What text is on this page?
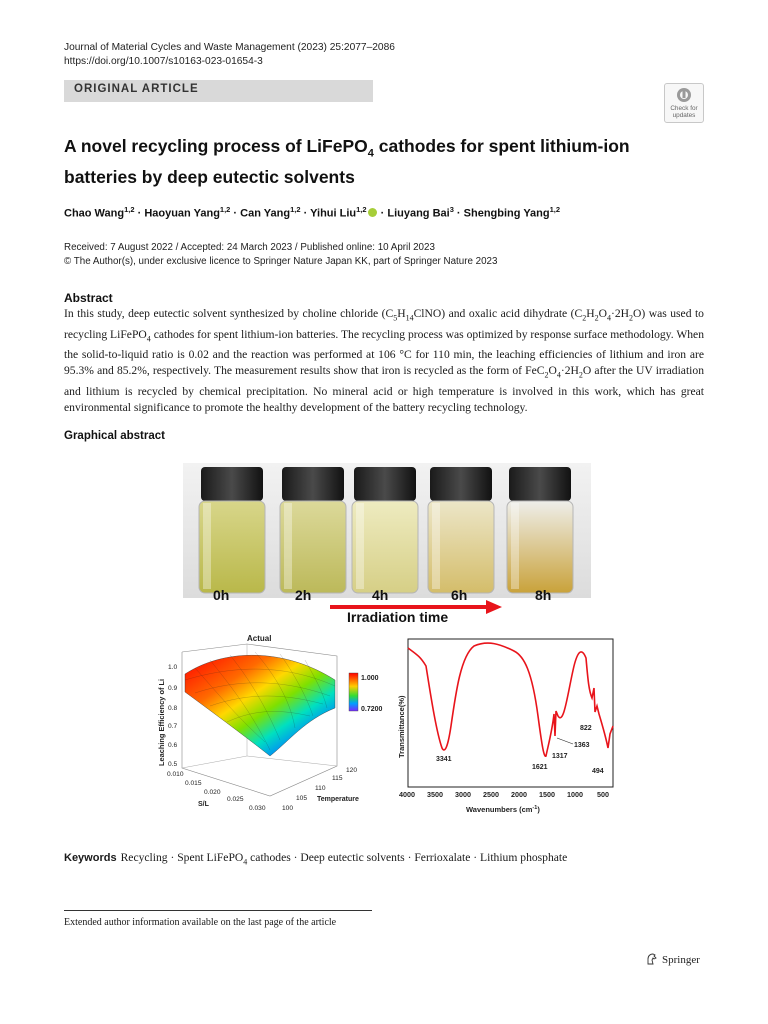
Journal of Material Cycles and Waste Management (2023) 25:2077–2086
https://doi.org/10.1007/s10163-023-01654-3
ORIGINAL ARTICLE
Check for updates
A novel recycling process of LiFePO$_4$ cathodes for spent lithium-ion batteries by deep eutectic solvents
Chao Wang$^{1,2}$ · Haoyuan Yang$^{1,2}$ · Can Yang$^{1,2}$ · Yihui Liu$^{1,2}$ · Liuyang Bai$^3$ · Shengbing Yang$^{1,2}$
Received: 7 August 2022 / Accepted: 24 March 2023 / Published online: 10 April 2023
© The Author(s), under exclusive licence to Springer Nature Japan KK, part of Springer Nature 2023
Abstract
In this study, deep eutectic solvent synthesized by choline chloride $(C_5H_{14}ClNO)$ and oxalic acid dihydrate $(C_2H_2O_4\cdot 2H_2O)$ was used to recycling LiFePO$_4$ cathodes for spent lithium-ion batteries. The recycling process was optimized by response surface methodology. When the solid-to-liquid ratio is 0.02 and the reaction was performed at 106 °C for 110 min, the leaching efficiencies of lithium and iron are 95.3% and 85.2%, respectively. The measurement results show that iron is recycled as the form of $FeC_2O_4\cdot 2H_2O$ after the UV irradiation and lithium is recycled by chemical precipitation. No mineral acid or high temperature is involved in this work, which has great environmental significance to promote the healthy development of the battery recycling technology.
Graphical abstract
0h	2h	4h	6h	8h
Irradiation time
Actual
Leaching Efficiency of Li
1.0
0.9
0.8
0.7
0.6
0.5
0.010
0.015
0.020
0.025
0.030
S/L
100
105
110
115
120
Temperature
1.000
0.7200 Transmittance(%)
4000 3500 3000 2500 2000 1500 1000 500
Wavenumbers $(cm^{-1})$
3341
1621
1317
1363
822
494
Keywords Recycling · Spent LiFePO$_4$ cathodes · Deep eutectic solvents · Ferrioxalate · Lithium phosphate
Extended author information available on the last page of the article
Springer
